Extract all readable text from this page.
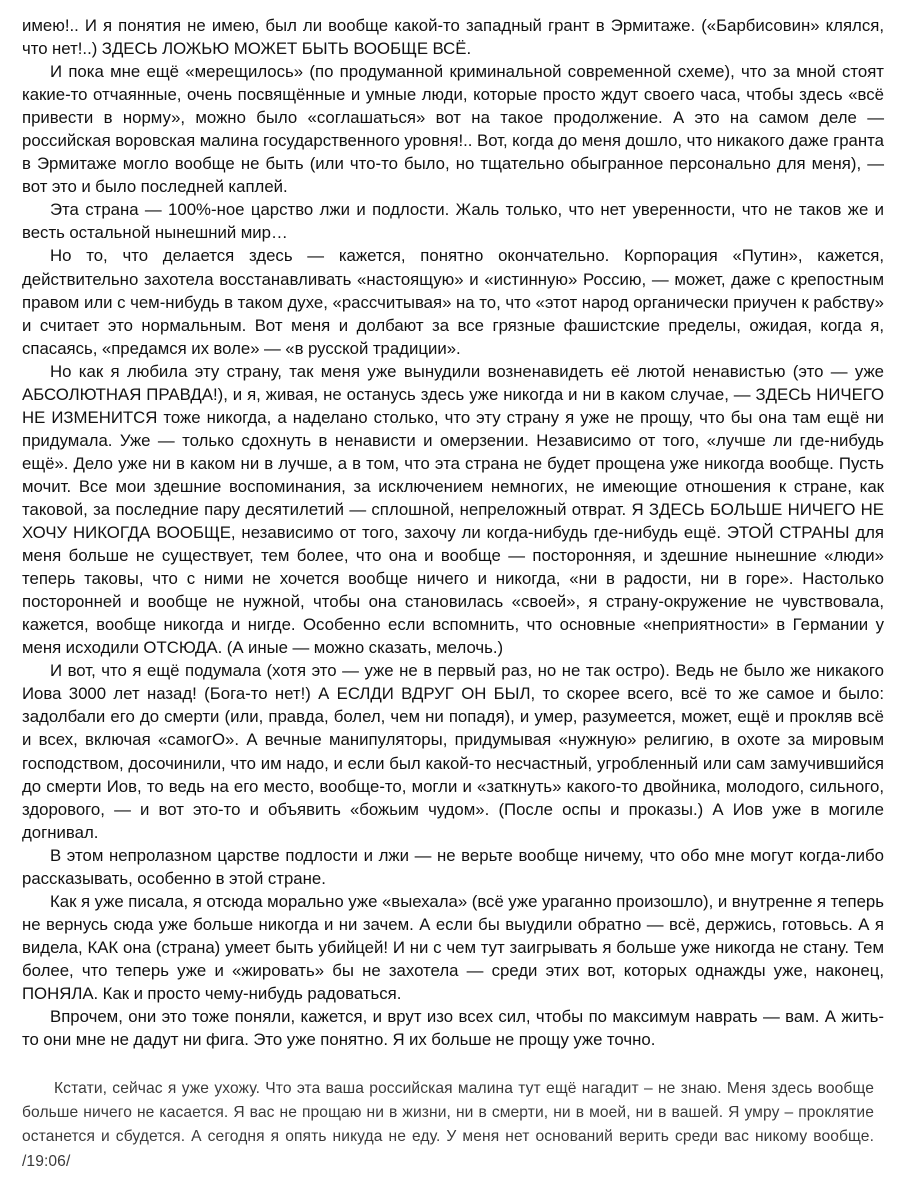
имею!.. И я понятия не имею, был ли вообще какой-то западный грант в Эрмитаже. («Барбисовин» клялся, что нет!..) ЗДЕСЬ ЛОЖЬЮ МОЖЕТ БЫТЬ ВООБЩЕ ВСЁ.

И пока мне ещё «мерещилось» (по продуманной криминальной современной схеме), что за мной стоят какие-то отчаянные, очень посвящённые и умные люди, которые просто ждут своего часа, чтобы здесь «всё привести в норму», можно было «соглашаться» вот на такое продолжение. А это на самом деле — российская воровская малина государственного уровня!.. Вот, когда до меня дошло, что никакого даже гранта в Эрмитаже могло вообще не быть (или что-то было, но тщательно обыгранное персонально для меня), — вот это и было последней каплей.

Эта страна — 100%-ное царство лжи и подлости. Жаль только, что нет уверенности, что не таков же и весть остальной нынешний мир…

Но то, что делается здесь — кажется, понятно окончательно. Корпорация «Путин», кажется, действительно захотела восстанавливать «настоящую» и «истинную» Россию, — может, даже с крепостным правом или с чем-нибудь в таком духе, «рассчитывая» на то, что «этот народ органически приучен к рабству» и считает это нормальным. Вот меня и долбают за все грязные фашистские пределы, ожидая, когда я, спасаясь, «предамся их воле» — «в русской традиции».

Но как я любила эту страну, так меня уже вынудили возненавидеть её лютой ненавистью (это — уже АБСОЛЮТНАЯ ПРАВДА!), и я, живая, не останусь здесь уже никогда и ни в каком случае, — ЗДЕСЬ НИЧЕГО НЕ ИЗМЕНИТСЯ тоже никогда, а наделано столько, что эту страну я уже не прощу, что бы она там ещё ни придумала. Уже — только сдохнуть в ненависти и омерзении. Независимо от того, «лучше ли где-нибудь ещё». Дело уже ни в каком ни в лучше, а в том, что эта страна не будет прощена уже никогда вообще. Пусть мочит. Все мои здешние воспоминания, за исключением немногих, не имеющие отношения к стране, как таковой, за последние пару десятилетий — сплошной, непреложный отврат. Я ЗДЕСЬ БОЛЬШЕ НИЧЕГО НЕ ХОЧУ НИКОГДА ВООБЩЕ, независимо от того, захочу ли когда-нибудь где-нибудь ещё. ЭТОЙ СТРАНЫ для меня больше не существует, тем более, что она и вообще — посторонняя, и здешние нынешние «люди» теперь таковы, что с ними не хочется вообще ничего и никогда, «ни в радости, ни в горе». Настолько посторонней и вообще не нужной, чтобы она становилась «своей», я страну-окружение не чувствовала, кажется, вообще никогда и нигде. Особенно если вспомнить, что основные «неприятности» в Германии у меня исходили ОТСЮДА. (А иные — можно сказать, мелочь.)

И вот, что я ещё подумала (хотя это — уже не в первый раз, но не так остро). Ведь не было же никакого Иова 3000 лет назад! (Бога-то нет!) А ЕСЛДИ ВДРУГ ОН БЫЛ, то скорее всего, всё то же самое и было: задолбали его до смерти (или, правда, болел, чем ни попадя), и умер, разумеется, может, ещё и прокляв всё и всех, включая «самогО». А вечные манипуляторы, придумывая «нужную» религию, в охоте за мировым господством, досочинили, что им надо, и если был какой-то несчастный, угробленный или сам замучившийся до смерти Иов, то ведь на его место, вообще-то, могли и «заткнуть» какого-то двойника, молодого, сильного, здорового, — и вот это-то и объявить «божьим чудом». (После оспы и проказы.) А Иов уже в могиле догнивал.

В этом непролазном царстве подлости и лжи — не верьте вообще ничему, что обо мне могут когда-либо рассказывать, особенно в этой стране.

Как я уже писала, я отсюда морально уже «выехала» (всё уже ураганно произошло), и внутренне я теперь не вернусь сюда уже больше никогда и ни зачем. А если бы выудили обратно — всё, держись, готовьсь. А я видела, КАК она (страна) умеет быть убийцей! И ни с чем тут заигрывать я больше уже никогда не стану. Тем более, что теперь уже и «жировать» бы не захотела — среди этих вот, которых однажды уже, наконец, ПОНЯЛА. Как и просто чему-нибудь радоваться.

Впрочем, они это тоже поняли, кажется, и врут изо всех сил, чтобы по максимум наврать — вам. А жить-то они мне не дадут ни фига. Это уже понятно. Я их больше не прощу уже точно.

Кстати, сейчас я уже ухожу. Что эта ваша российская малина тут ещё нагадит – не знаю. Меня здесь вообще больше ничего не касается. Я вас не прощаю ни в жизни, ни в смерти, ни в моей, ни в вашей. Я умру – проклятие останется и сбудется. А сегодня я опять никуда не еду. У меня нет оснований верить среди вас никому вообще. /19:06/
